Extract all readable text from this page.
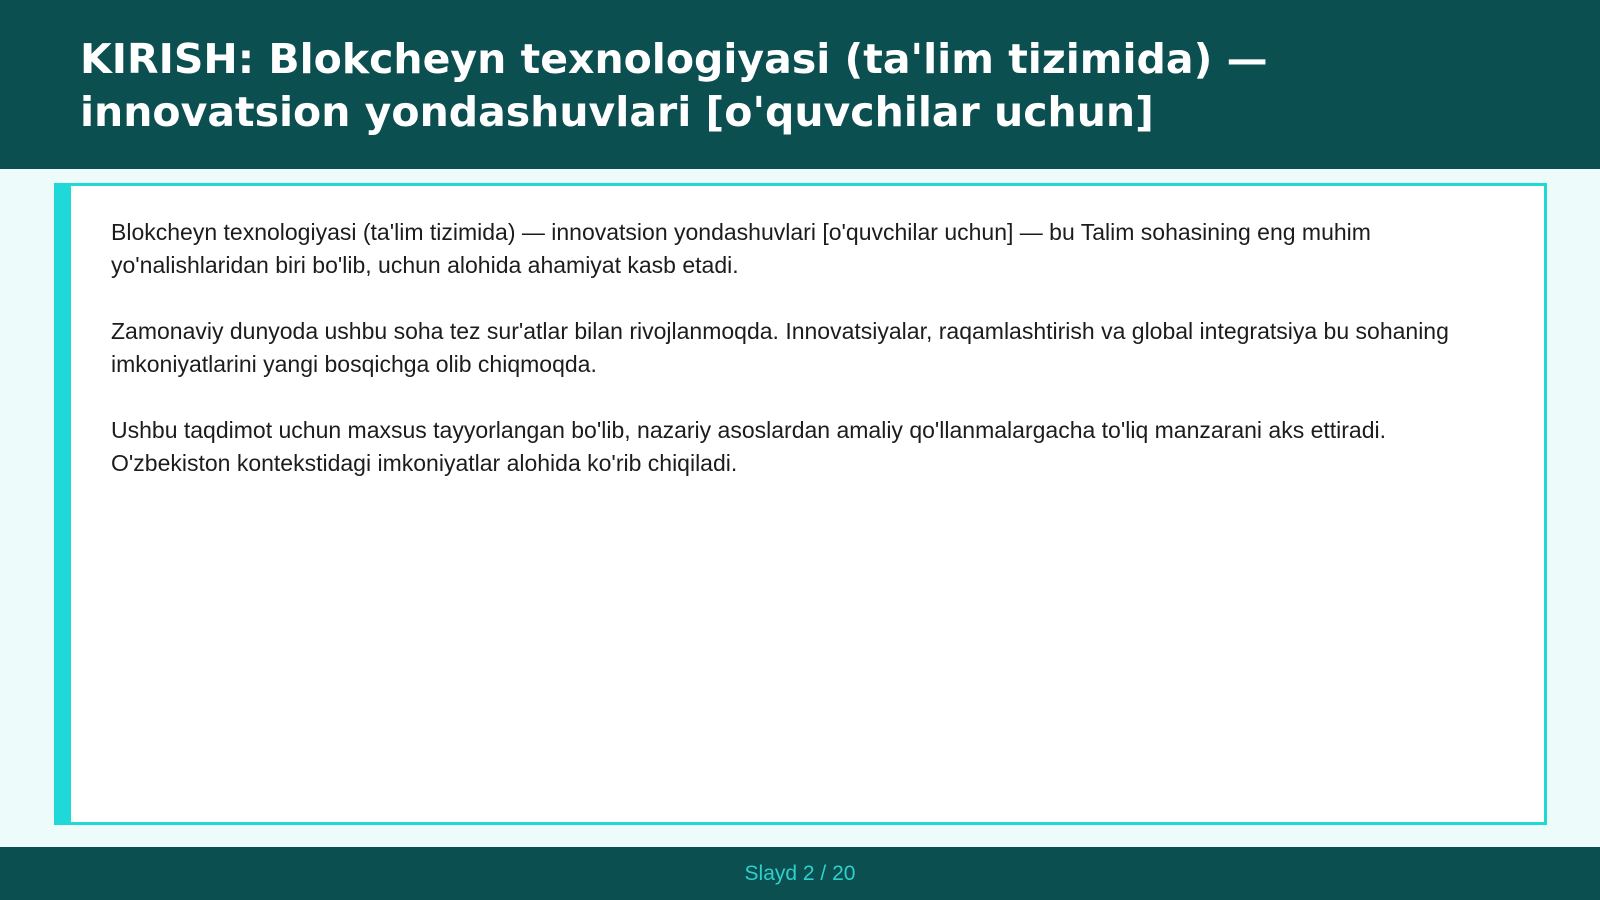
KIRISH: Blokcheyn texnologiyasi (ta'lim tizimida) — innovatsion yondashuvlari [o'quvchilar uchun]

Blokcheyn texnologiyasi (ta'lim tizimida) — innovatsion yondashuvlari [o'quvchilar uchun] — bu Talim sohasining eng muhim yo'nalishlaridan biri bo'lib, uchun alohida ahamiyat kasb etadi.

Zamonaviy dunyoda ushbu soha tez sur'atlar bilan rivojlanmoqda. Innovatsiyalar, raqamlashtirish va global integratsiya bu sohaning imkoniyatlarini yangi bosqichga olib chiqmoqda.

Ushbu taqdimot uchun maxsus tayyorlangan bo'lib, nazariy asoslardan amaliy qo'llanmalargacha to'liq manzarani aks ettiradi. O'zbekiston kontekstidagi imkoniyatlar alohida ko'rib chiqiladi.

Slayd 2 / 20
